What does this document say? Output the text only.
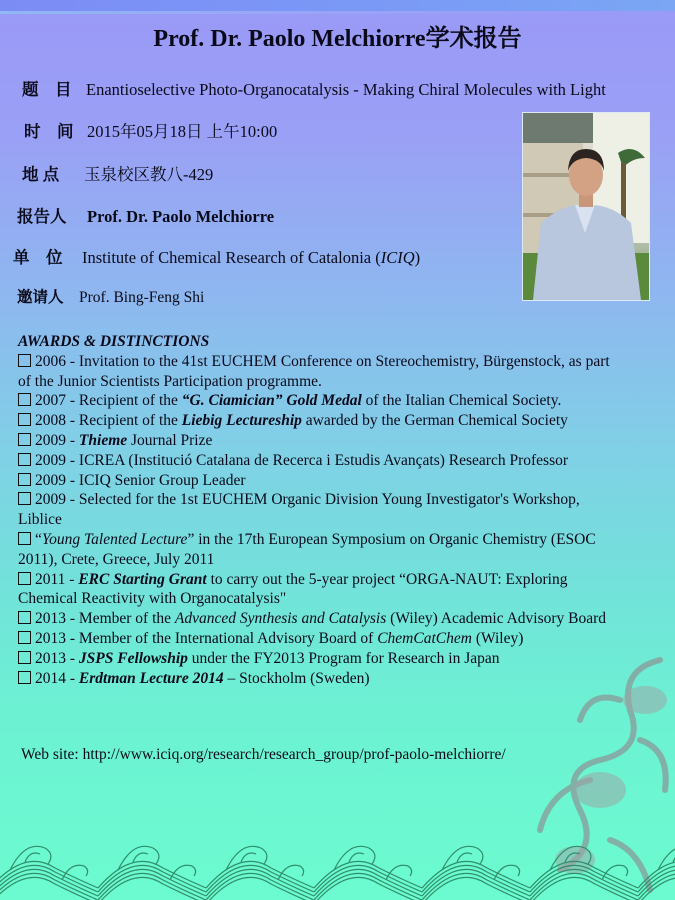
Prof. Dr. Paolo Melchiorre学术报告
题　目 Enantioselective Photo-Organocatalysis - Making Chiral Molecules with Light
时　间 2015年05月18日 上午10:00
地 点 玉泉校区教八-429
报告人 Prof. Dr. Paolo Melchiorre
单　位 Institute of Chemical Research of Catalonia (ICIQ)
邀请人 Prof. Bing-Feng Shi
AWARDS & DISTINCTIONS
2006 - Invitation to the 41st EUCHEM Conference on Stereochemistry, Bürgenstock, as part of the Junior Scientists Participation programme.
2007 - Recipient of the “G. Ciamician” Gold Medal of the Italian Chemical Society.
2008 - Recipient of the Liebig Lectureship awarded by the German Chemical Society
2009 - Thieme Journal Prize
2009 - ICREA (Institució Catalana de Recerca i Estudis Avançats) Research Professor
2009 - ICIQ Senior Group Leader
2009 - Selected for the 1st EUCHEM Organic Division Young Investigator's Workshop, Liblice
“Young Talented Lecture” in the 17th European Symposium on Organic Chemistry (ESOC 2011), Crete, Greece, July 2011
2011 - ERC Starting Grant to carry out the 5-year project “ORGA-NAUT: Exploring Chemical Reactivity with Organocatalysis"
2013 - Member of the Advanced Synthesis and Catalysis (Wiley) Academic Advisory Board
2013 - Member of the International Advisory Board of ChemCatChem (Wiley)
2013 - JSPS Fellowship under the FY2013 Program for Research in Japan
2014 - Erdtman Lecture 2014 – Stockholm (Sweden)
Web site: http://www.iciq.org/research/research_group/prof-paolo-melchiorre/
